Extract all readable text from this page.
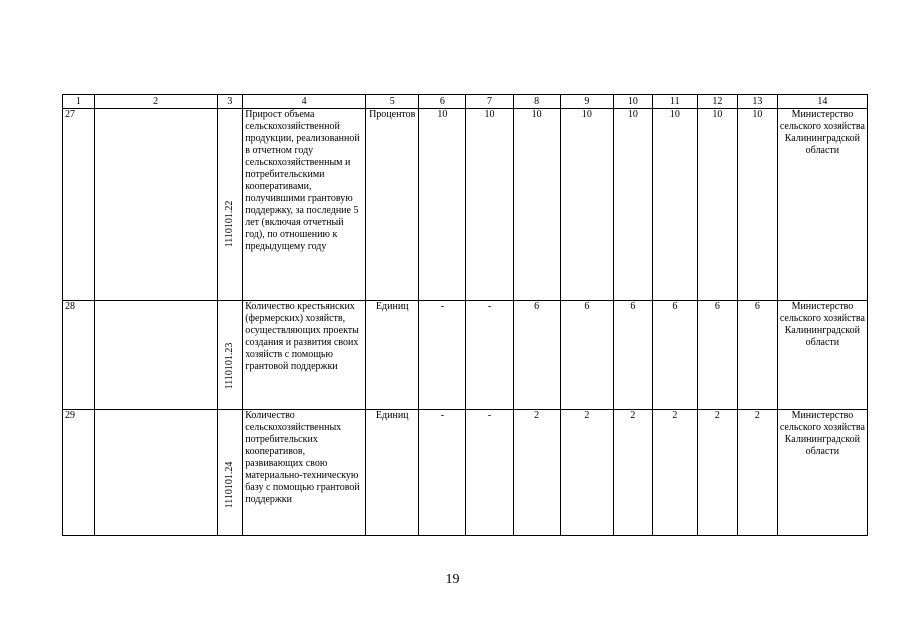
1	2	3	4	5	6	7	8	9	10	11	12	13	14
27		1110101.22	Прирост объема сельскохозяйственной продукции, реализованной в отчетном году сельскохозяйственным и потребительскими кооперативами, получившими грантовую поддержку, за последние 5 лет (включая отчетный год), по отношению к предыдущему году	Процентов	10	10	10	10	10	10	10	10	Министерство сельского хозяйства Калининградской области
28		1110101.23	Количество крестьянских (фермерских) хозяйств, осуществляющих проекты создания и развития своих хозяйств с помощью грантовой поддержки	Единиц	-	-	6	6	6	6	6	6	Министерство сельского хозяйства Калининградской области
29		1110101.24	Количество сельскохозяйственных потребительских кооперативов, развивающих свою материально-техническую базу с помощью грантовой поддержки	Единиц	-	-	2	2	2	2	2	2	Министерство сельского хозяйства Калининградской области
19
